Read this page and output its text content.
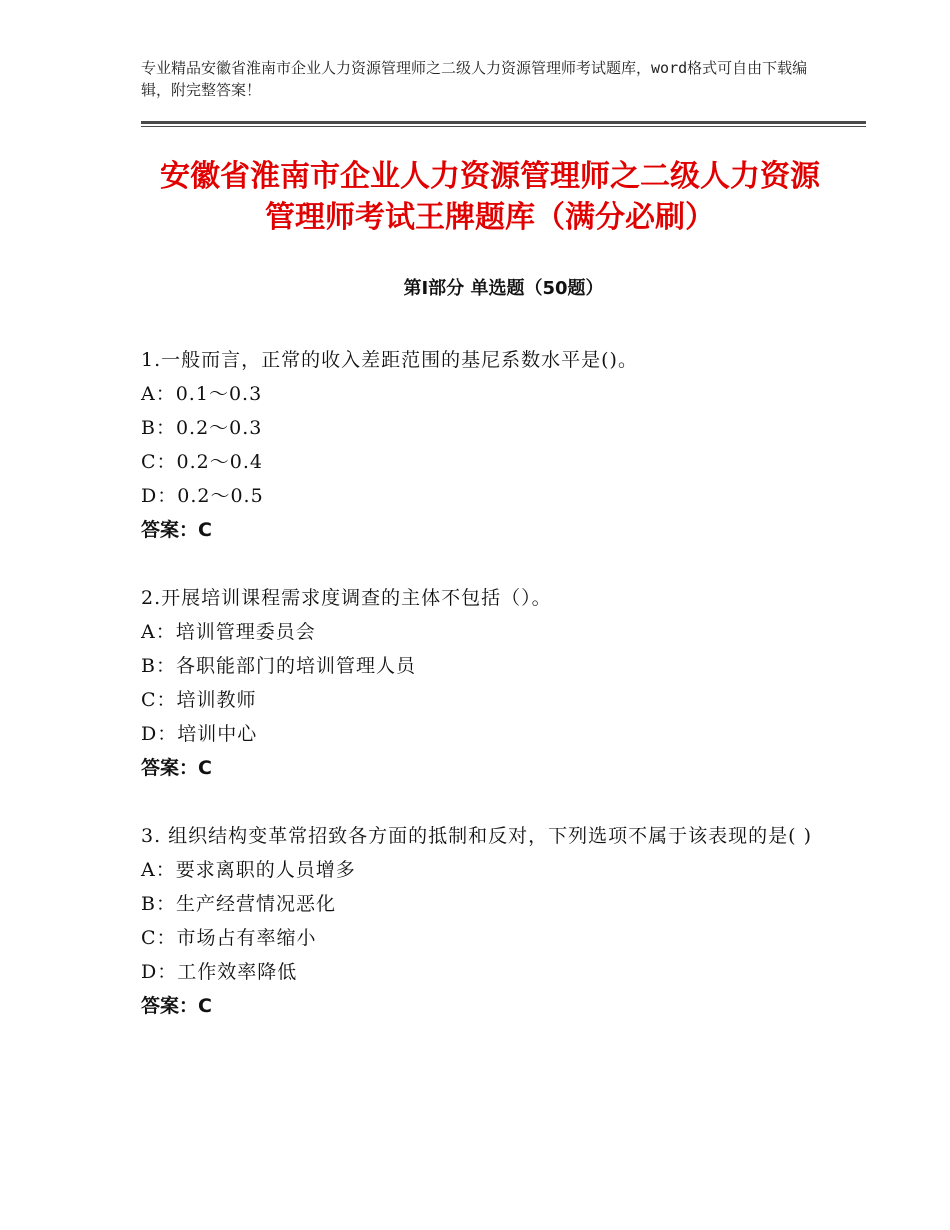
专业精品安徽省淮南市企业人力资源管理师之二级人力资源管理师考试题库，word格式可自由下载编辑，附完整答案！
安徽省淮南市企业人力资源管理师之二级人力资源管理师考试王牌题库（满分必刷）
第Ⅰ部分 单选题（50题）
1.一般而言，正常的收入差距范围的基尼系数水平是()。
A：0.1～0.3
B：0.2～0.3
C：0.2～0.4
D：0.2～0.5
答案：C
2.开展培训课程需求度调查的主体不包括（）。
A：培训管理委员会
B：各职能部门的培训管理人员
C：培训教师
D：培训中心
答案：C
3. 组织结构变革常招致各方面的抵制和反对，下列选项不属于该表现的是( )
A：要求离职的人员增多
B：生产经营情况恶化
C：市场占有率缩小
D：工作效率降低
答案：C
